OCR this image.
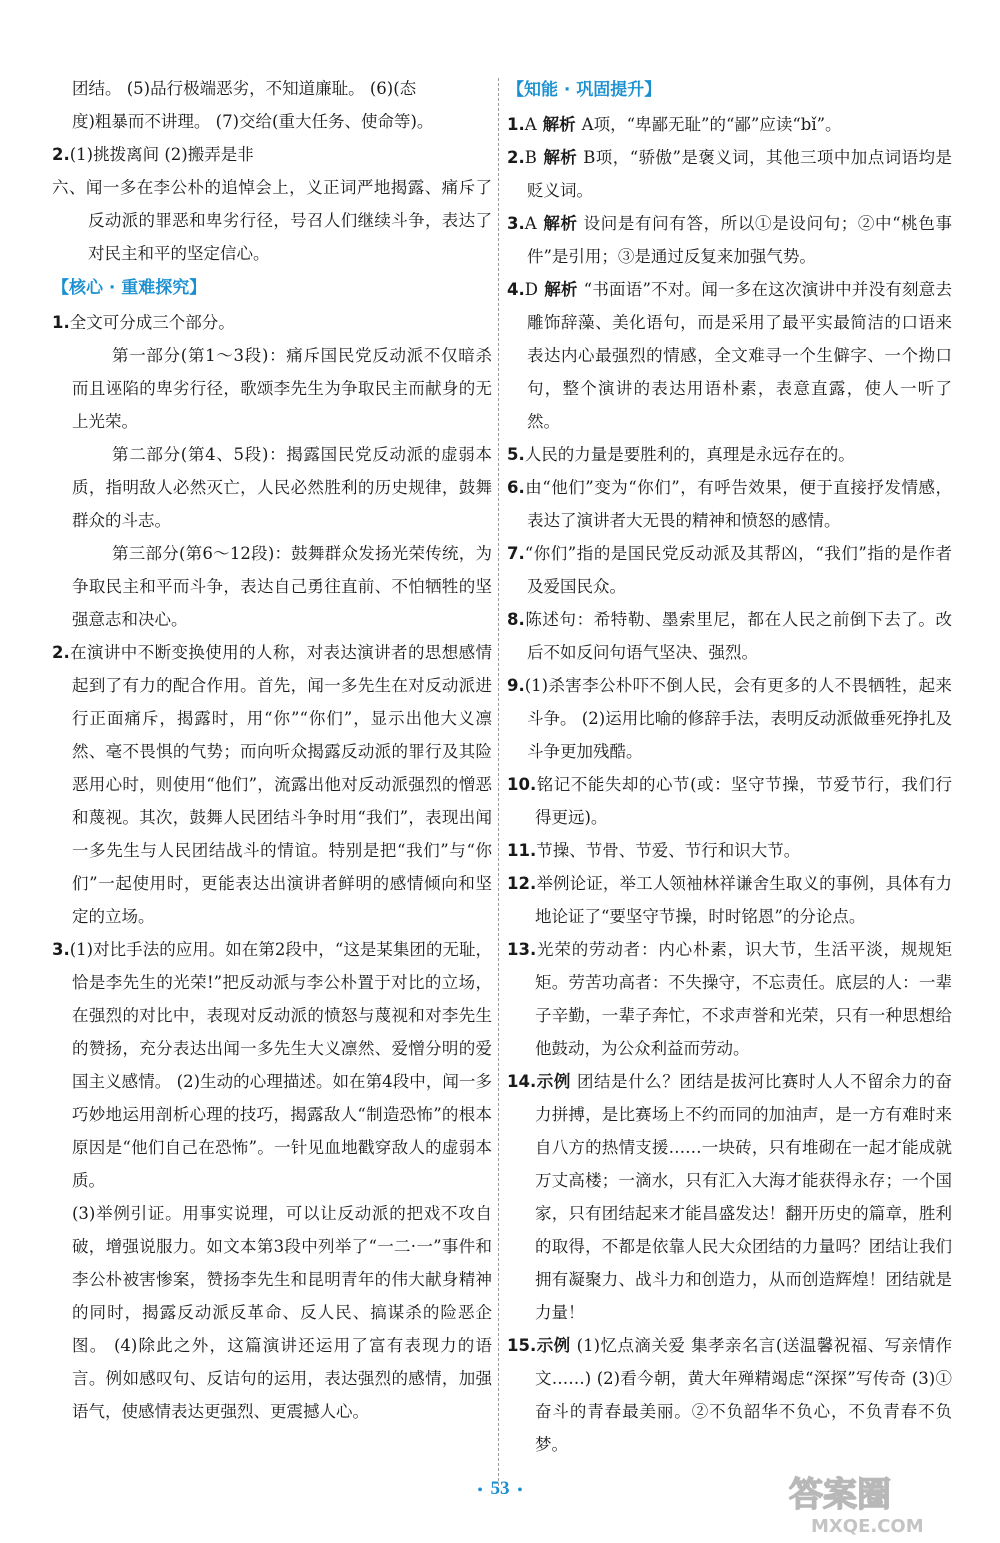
团结。 (5)品行极端恶劣，不知道廉耻。 (6)(态

度)粗暴而不讲理。 (7)交给(重大任务、使命等)。

2.(1)挑拨离间 (2)搬弄是非

六、闻一多在李公朴的追悼会上，义正词严地揭露、痛斥了反动派的罪恶和卑劣行径，号召人们继续斗争，表达了对民主和平的坚定信心。

【核心 · 重难探究】

1.全文可分成三个部分。

第一部分(第1～3段)：痛斥国民党反动派不仅暗杀而且诬陷的卑劣行径，歌颂李先生为争取民主而献身的无上光荣。

第二部分(第4、5段)：揭露国民党反动派的虚弱本质，指明敌人必然灭亡，人民必然胜利的历史规律，鼓舞群众的斗志。

第三部分(第6～12段)：鼓舞群众发扬光荣传统，为争取民主和平而斗争，表达自己勇往直前、不怕牺牲的坚强意志和决心。

2.在演讲中不断变换使用的人称，对表达演讲者的思想感情起到了有力的配合作用。首先，闻一多先生在对反动派进行正面痛斥，揭露时，用“你”“你们”，显示出他大义凛然、毫不畏惧的气势；而向听众揭露反动派的罪行及其险恶用心时，则使用“他们”，流露出他对反动派强烈的憎恶和蔑视。其次，鼓舞人民团结斗争时用“我们”，表现出闻一多先生与人民团结战斗的情谊。特别是把“我们”与“你们”一起使用时，更能表达出演讲者鲜明的感情倾向和坚定的立场。

3.(1)对比手法的应用。如在第2段中，“这是某集团的无耻，恰是李先生的光荣!”把反动派与李公朴置于对比的立场，在强烈的对比中，表现对反动派的愤怒与蔑视和对李先生的赞扬，充分表达出闻一多先生大义凛然、爱憎分明的爱国主义感情。 (2)生动的心理描述。如在第4段中，闻一多巧妙地运用剖析心理的技巧，揭露敌人“制造恐怖”的根本原因是“他们自己在恐怖”。一针见血地戳穿敌人的虚弱本质。

(3)举例引证。用事实说理，可以让反动派的把戏不攻自破，增强说服力。如文本第3段中列举了“一二·一”事件和李公朴被害惨案，赞扬李先生和昆明青年的伟大献身精神的同时，揭露反动派反革命、反人民、搞谋杀的险恶企图。 (4)除此之外，这篇演讲还运用了富有表现力的语言。例如感叹句、反诘句的运用，表达强烈的感情，加强语气，使感情表达更强烈、更震撼人心。

【知能 · 巩固提升】

1.A 解析 A项，“卑鄙无耻”的“鄙”应读“bǐ”。

2.B 解析 B项，“骄傲”是褒义词，其他三项中加点词语均是贬义词。

3.A 解析 设问是有问有答，所以①是设问句；②中“桃色事件”是引用；③是通过反复来加强气势。

4.D 解析 “书面语”不对。闻一多在这次演讲中并没有刻意去雕饰辞藻、美化语句，而是采用了最平实最简洁的口语来表达内心最强烈的情感，全文难寻一个生僻字、一个拗口句，整个演讲的表达用语朴素，表意直露，使人一听了然。

5.人民的力量是要胜利的，真理是永远存在的。

6.由“他们”变为“你们”，有呼告效果，便于直接抒发情感，表达了演讲者大无畏的精神和愤怒的感情。

7.“你们”指的是国民党反动派及其帮凶，“我们”指的是作者及爱国民众。

8.陈述句：希特勒、墨索里尼，都在人民之前倒下去了。改后不如反问句语气坚决、强烈。

9.(1)杀害李公朴吓不倒人民，会有更多的人不畏牺牲，起来斗争。 (2)运用比喻的修辞手法，表明反动派做垂死挣扎及斗争更加残酷。

10.铭记不能失却的心节(或：坚守节操，节爱节行，我们行得更远)。

11.节操、节骨、节爱、节行和识大节。

12.举例论证，举工人领袖林祥谦舍生取义的事例，具体有力地论证了“要坚守节操，时时铭恩”的分论点。

13.光荣的劳动者：内心朴素，识大节，生活平淡，规规矩矩。劳苦功高者：不失操守，不忘责任。底层的人：一辈子辛勤，一辈子奔忙，不求声誉和光荣，只有一种思想给他鼓动，为公众利益而劳动。

14.示例 团结是什么？团结是拔河比赛时人人不留余力的奋力拼搏，是比赛场上不约而同的加油声，是一方有难时来自八方的热情支援……一块砖，只有堆砌在一起才能成就万丈高楼；一滴水，只有汇入大海才能获得永存；一个国家，只有团结起来才能昌盛发达！翻开历史的篇章，胜利的取得，不都是依靠人民大众团结的力量吗？团结让我们拥有凝聚力、战斗力和创造力，从而创造辉煌！团结就是力量！

15.示例 (1)忆点滴关爱 集孝亲名言(送温馨祝福、写亲情作文……) (2)看今朝，黄大年殚精竭虑“深探”写传奇 (3)①奋斗的青春最美丽。②不负韶华不负心，不负青春不负梦。

• 53 •	答案圈
MXQE.COM
